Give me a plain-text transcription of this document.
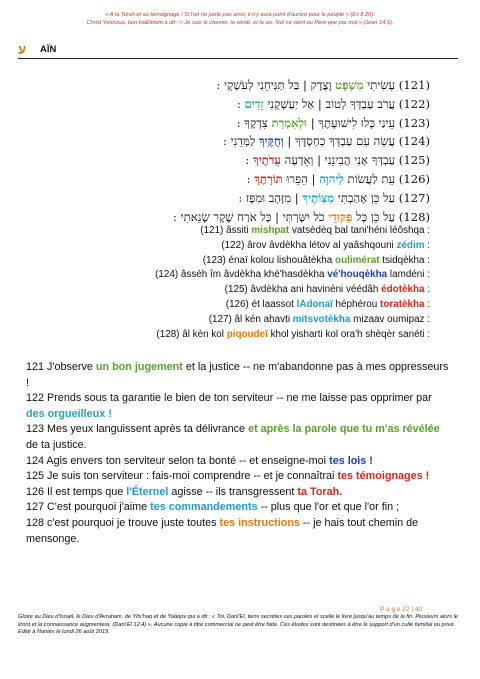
« A la Torah et au témoignage ! Si l'on ne parle pas ainsi, il n'y aura point d'aurore pour le peuple » (Es 8.20).
Christ Yéshoua, ben HaElohim a dit : « Je suis le chemin, la vérité, et la vie. Nul ne vient au Père que par moi » (Jean 14.6).
ע AÏN
(121) עָשִׂיתִי מִשְׁפָּט וָצֶדֶק | בַּל תַּנִּיחֵנִי לְעֹשְׁקָי :
(122) עֲרֹב עַבְדְּךָ לְטוֹב | אַל יַעַשְׁקֻנִי זֵדִים :
(123) עֵינַי כָּלוּ לִישׁוּעָתֶךָ | וּלְאִמְרַת צִדְקֶךָ :
(124) עֲשֵׂה עִם עַבְדְּךָ כְחַסְדֶּךָ | וְחֻקֶּיךָ לַמְּדֵנִי :
(125) עַבְדְּךָ אָנִי הֲבִינֵנִי | וְאֵדְעָה עֵדֹתֶיךָ :
(126) עֵת לַעֲשׂוֹת לַיהוָה | הֵפֵרוּ תּוֹרָתֶךָ :
(127) עַל כֵּן אָהַבְתִּי מִצְוֹתֶיךָ | מִזָּהָב וּמִפָּז :
(128) עַל כֵּן כָּל פִּקּוּדֵי כֹל יִשָּׁרְתִּי | כָּל אֹרַח שֶׁקֶר שָׂנֵאתִי :
(121) âssiti mishpat vatsèdèq bal tani'héni léôshqa :
(122) ârov âvdèkha létov al yaâshqouni zédim :
(123) énaï kolou lishouâtèkha oulimérat tsidqèkha :
(124) âsséh îm âvdèkha khé'hasdèkha vé'houqèkha lamdéni :
(125) âvdèkha ani havinéni véédâh édotèkha :
(126) ét laassot lAdonaï héphérou toratèkha :
(127) âl kén ahavti mitsvotèkha mizaav oumipaz :
(128) âl kèn kol piqoudeï khol yisharti kol ora'h shèqèr sanéti :

121 J'observe un bon jugement et la justice -- ne m'abandonne pas à mes oppresseurs !

122 Prends sous ta garantie le bien de ton serviteur -- ne me laisse pas opprimer par des orgueilleux !

123 Mes yeux languissent après ta délivrance et après la parole que tu m'as révélée de ta justice.

124 Agis envers ton serviteur selon ta bonté -- et enseigne-moi tes lois !

125 Je suis ton serviteur : fais-moi comprendre -- et je connaîtrai tes témoignages !

126 Il est temps que l'Éternel agisse -- ils transgressent ta Torah.

127 C'est pourquoi j'aime tes commandements -- plus que l'or et que l'or fin ;

128 c'est pourquoi je trouve juste toutes tes instructions -- je hais tout chemin de mensonge.

P a g e 22 | 40
Gloire au Dieu d'Israël, le Dieu d'Avraham, de Yits'haq et de Yaâqov qui a dit : « Toi, Dani'El, tiens secrètes ces paroles et scelle le livre jusqu'au temps de la fin. Plusieurs alors le liront et la connaissance augmentera. (Dani'El 12.4) ». Aucune copie à titre commercial ne peut être faite. Ces études sont destinées à être le support d'un culte familial ou privé. Edité à Nantes le lundi 26 août 2019.
